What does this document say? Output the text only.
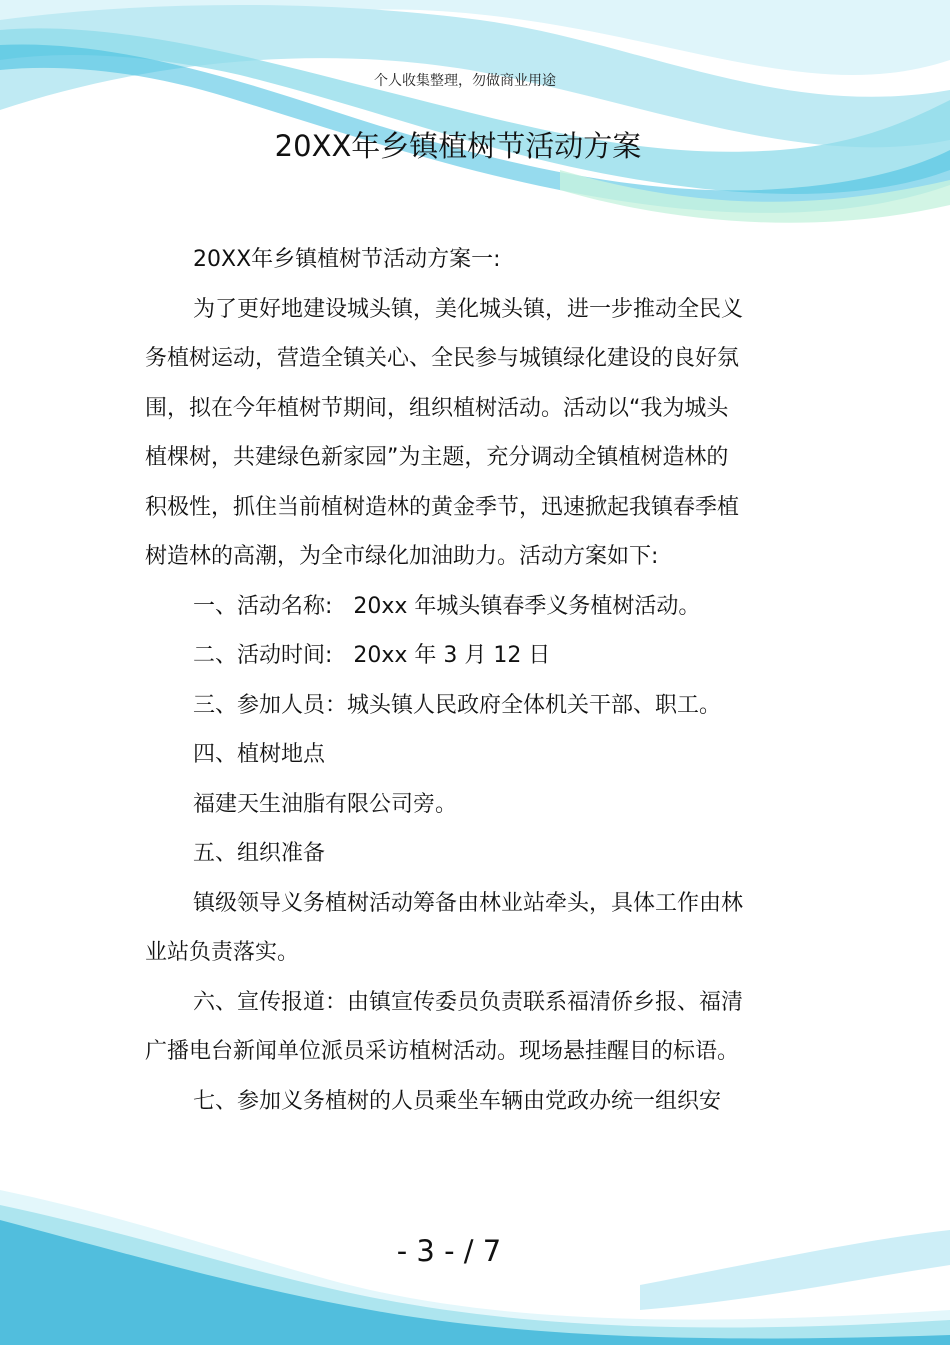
个人收集整理，勿做商业用途
20XX年乡镇植树节活动方案

20XX年乡镇植树节活动方案一:

为了更好地建设城头镇，美化城头镇，进一步推动全民义务植树运动，营造全镇关心、全民参与城镇绿化建设的良好氛围，拟在今年植树节期间，组织植树活动。活动以“我为城头植棵树，共建绿色新家园”为主题，充分调动全镇植树造林的积极性，抓住当前植树造林的黄金季节，迅速掀起我镇春季植树造林的高潮，为全市绿化加油助力。活动方案如下:

一、活动名称:   20xx 年城头镇春季义务植树活动。

二、活动时间:   20xx 年 3 月 12 日

三、参加人员：城头镇人民政府全体机关干部、职工。

四、植树地点

福建天生油脂有限公司旁。

五、组织准备

镇级领导义务植树活动筹备由林业站牵头，具体工作由林业站负责落实。

六、宣传报道：由镇宣传委员负责联系福清侨乡报、福清广播电台新闻单位派员采访植树活动。现场悬挂醒目的标语。

七、参加义务植树的人员乘坐车辆由党政办统一组织安

- 3 - / 7
